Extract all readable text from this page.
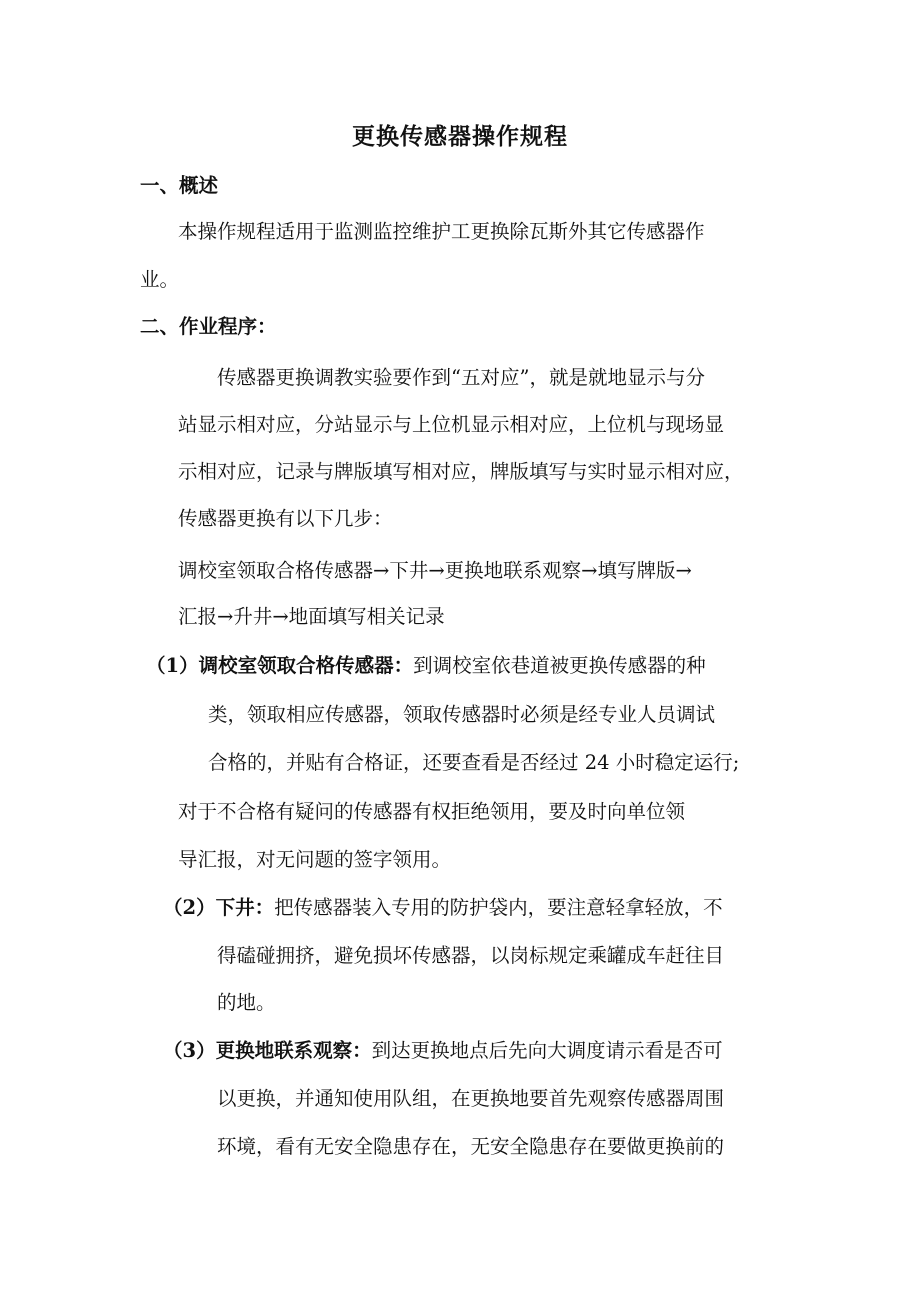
更换传感器操作规程
一、概述
本操作规程适用于监测监控维护工更换除瓦斯外其它传感器作
业。
二、作业程序：
传感器更换调教实验要作到“五对应”，就是就地显示与分
站显示相对应，分站显示与上位机显示相对应，上位机与现场显
示相对应，记录与牌版填写相对应，牌版填写与实时显示相对应，
传感器更换有以下几步：
调校室领取合格传感器→下井→更换地联系观察→填写牌版→
汇报→升井→地面填写相关记录
（1）调校室领取合格传感器：到调校室依巷道被更换传感器的种
类，领取相应传感器，领取传感器时必须是经专业人员调试
合格的，并贴有合格证，还要查看是否经过 24 小时稳定运行;
对于不合格有疑问的传感器有权拒绝领用，要及时向单位领
导汇报，对无问题的签字领用。
（2）下井：把传感器装入专用的防护袋内，要注意轻拿轻放，不
得磕碰拥挤，避免损坏传感器，以岗标规定乘罐成车赶往目
的地。
（3）更换地联系观察：到达更换地点后先向大调度请示看是否可
以更换，并通知使用队组，在更换地要首先观察传感器周围
环境，看有无安全隐患存在，无安全隐患存在要做更换前的
